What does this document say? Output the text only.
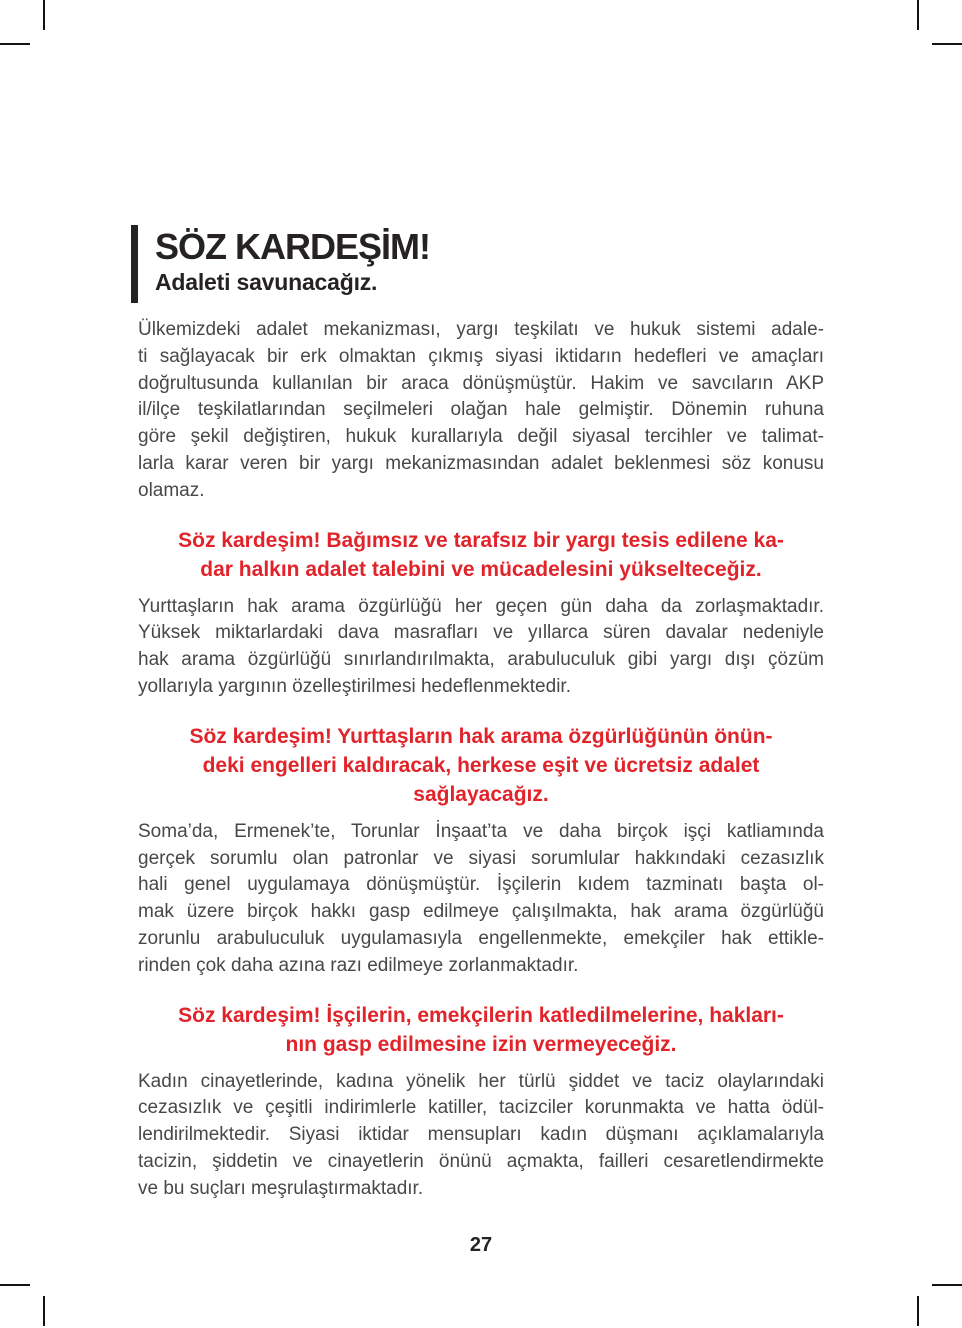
SÖZ KARDEŞİM!
Adaleti savunacağız.
Ülkemizdeki adalet mekanizması, yargı teşkilatı ve hukuk sistemi adale-
ti sağlayacak bir erk olmaktan çıkmış siyasi iktidarın hedefleri ve amaçları
doğrultusunda kullanılan bir araca dönüşmüştür. Hakim ve savcıların AKP
il/ilçe teşkilatlarından seçilmeleri olağan hale gelmiştir. Dönemin ruhuna
göre şekil değiştiren, hukuk kurallarıyla değil siyasal tercihler ve talimat-
larla karar veren bir yargı mekanizmasından adalet beklenmesi söz konusu
olamaz.
Söz kardeşim! Bağımsız ve tarafsız bir yargı tesis edilene ka-
dar halkın adalet talebini ve mücadelesini yükselteceğiz.
Yurttaşların hak arama özgürlüğü her geçen gün daha da zorlaşmaktadır.
Yüksek miktarlardaki dava masrafları ve yıllarca süren davalar nedeniyle
hak arama özgürlüğü sınırlandırılmakta, arabuluculuk gibi yargı dışı çözüm
yollarıyla yargının özelleştirilmesi hedeflenmektedir.
Söz kardeşim! Yurttaşların hak arama özgürlüğünün önün-
deki engelleri kaldıracak, herkese eşit ve ücretsiz adalet
sağlayacağız.
Soma’da, Ermenek’te, Torunlar İnşaat’ta ve daha birçok işçi katliamında
gerçek sorumlu olan patronlar ve siyasi sorumlular hakkındaki cezasızlık
hali genel uygulamaya dönüşmüştür. İşçilerin kıdem tazminatı başta ol-
mak üzere birçok hakkı gasp edilmeye çalışılmakta, hak arama özgürlüğü
zorunlu arabuluculuk uygulamasıyla engellenmekte, emekçiler hak ettikle-
rinden çok daha azına razı edilmeye zorlanmaktadır.
Söz kardeşim! İşçilerin, emekçilerin katledilmelerine, hakları-
nın gasp edilmesine izin vermeyeceğiz.
Kadın cinayetlerinde, kadına yönelik her türlü şiddet ve taciz olaylarındaki
cezasızlık ve çeşitli indirimlerle katiller, tacizciler korunmakta ve hatta ödül-
lendirilmektedir. Siyasi iktidar mensupları kadın düşmanı açıklamalarıyla
tacizin, şiddetin ve cinayetlerin önünü açmakta, failleri cesaretlendirmekte
ve bu suçları meşrulaştırmaktadır.
27
